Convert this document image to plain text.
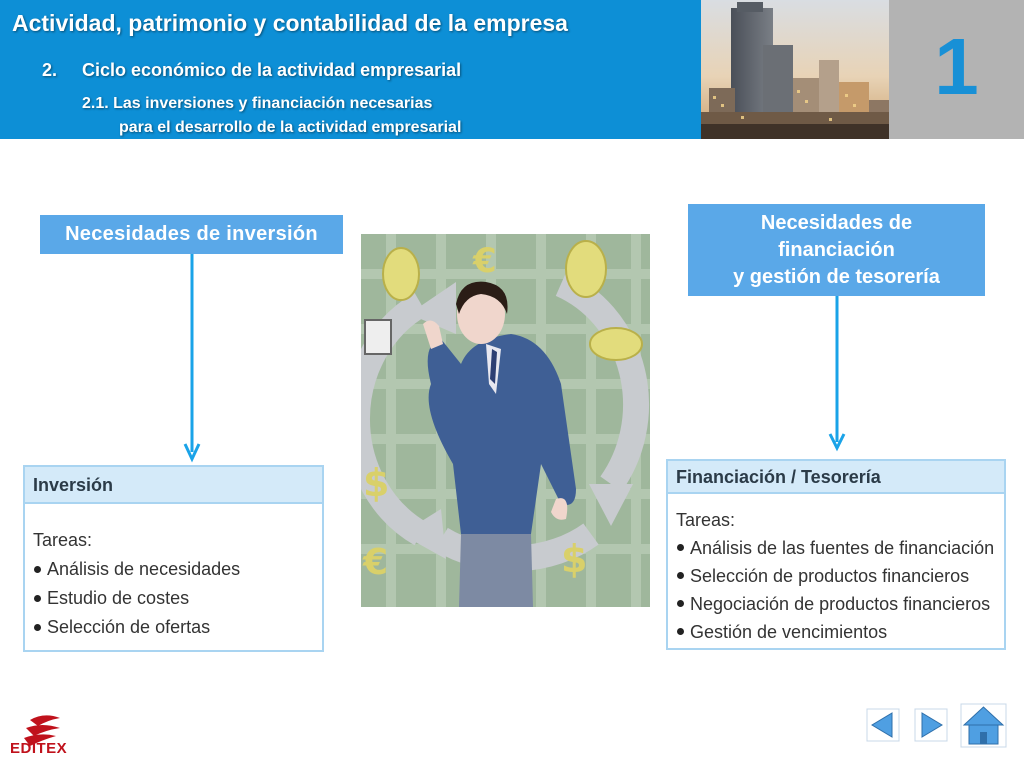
Actividad, patrimonio y contabilidad de la empresa
2. Ciclo económico de la actividad empresarial
2.1. Las inversiones y financiación necesarias
para el desarrollo de la actividad empresarial
1
Necesidades de inversión	Necesidades de
financiación
y gestión de tesorería
€
$
$
€
Inversión
Tareas:
Análisis de necesidades
Estudio de costes
Selección de ofertas
Financiación / Tesorería
Tareas:
Análisis de las fuentes de financiación
Selección de productos financieros
Negociación de productos financieros
Gestión de vencimientos
EDITEX
